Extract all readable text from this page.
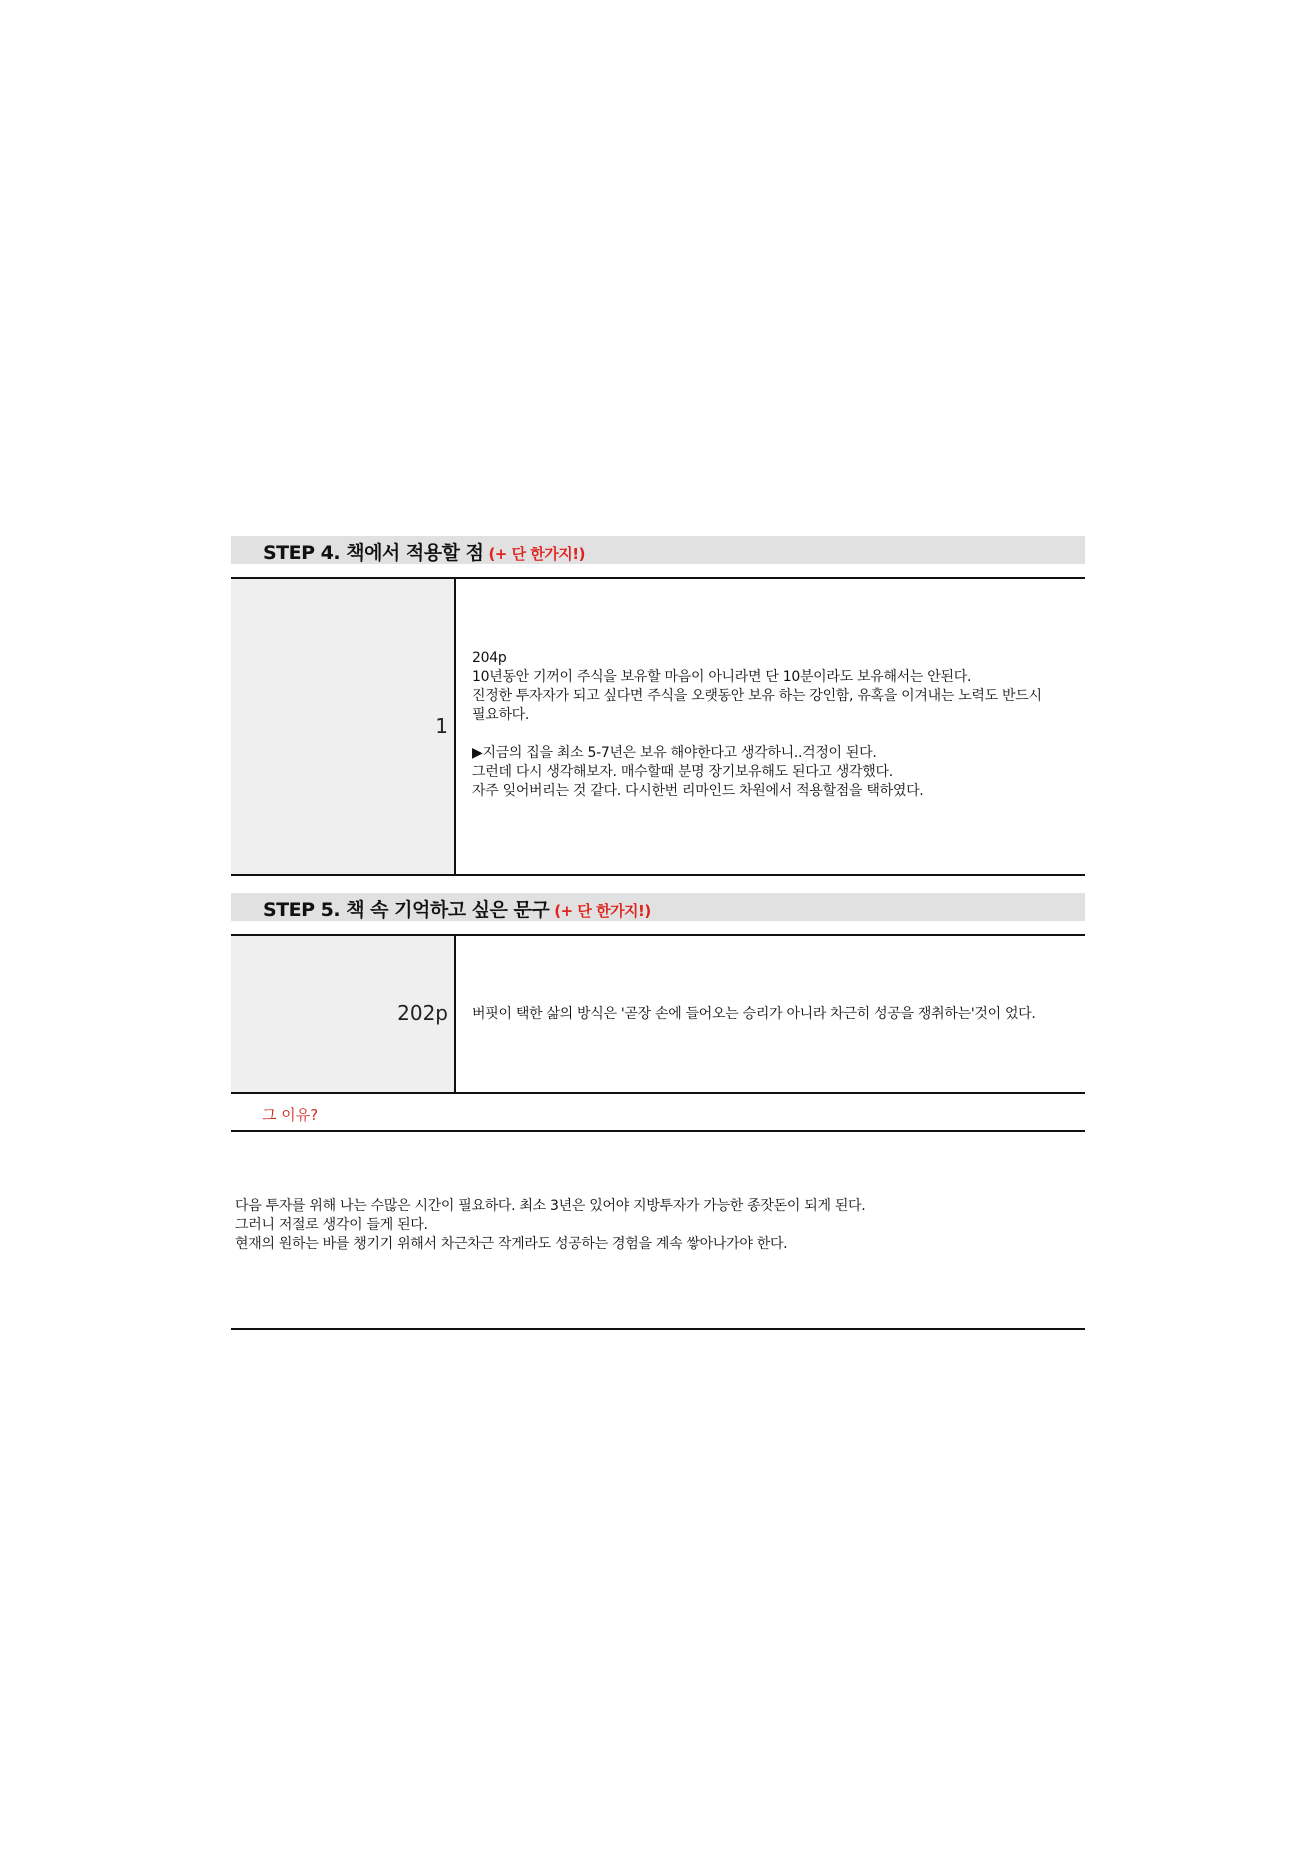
STEP 4. 책에서 적용할 점 (+ 단 한가지!)
1

204p

10년동안 기꺼이 주식을 보유할 마음이 아니라면 단 10분이라도 보유해서는 안된다.

진정한 투자자가 되고 싶다면 주식을 오랫동안 보유 하는 강인함, 유혹을 이겨내는 노력도 반드시

필요하다.

▶지금의 집을 최소 5-7년은 보유 해야한다고 생각하니..걱정이 된다.

그런데 다시 생각해보자. 매수할때 분명 장기보유해도 된다고 생각했다.

자주 잊어버리는 것 같다. 다시한번 리마인드 차원에서 적용할점을 택하였다.

STEP 5. 책 속 기억하고 싶은 문구 (+ 단 한가지!)
202p 버핏이 택한 삶의 방식은 '곧장 손에 들어오는 승리가 아니라 차근히 성공을 쟁취하는'것이 었다.

그 이유?

다음 투자를 위해 나는 수많은 시간이 필요하다. 최소 3년은 있어야 지방투자가 가능한 종잣돈이 되게 된다.

그러니 저절로 생각이 들게 된다.

현재의 원하는 바를 챙기기 위해서 차근차근 작게라도 성공하는 경험을 계속 쌓아나가야 한다.
